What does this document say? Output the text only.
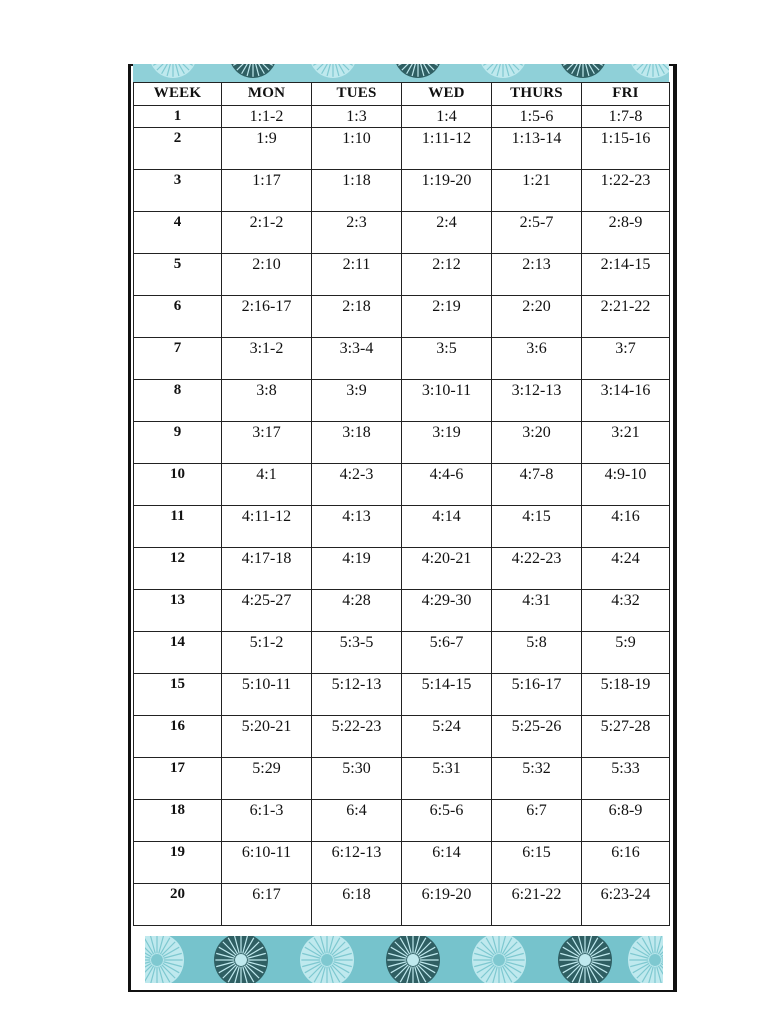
WEEK	MON	TUES	WED	THURS	FRI
1	1:1-2	1:3	1:4	1:5-6	1:7-8
2	1:9	1:10	1:11-12	1:13-14	1:15-16
3	1:17	1:18	1:19-20	1:21	1:22-23
4	2:1-2	2:3	2:4	2:5-7	2:8-9
5	2:10	2:11	2:12	2:13	2:14-15
6	2:16-17	2:18	2:19	2:20	2:21-22
7	3:1-2	3:3-4	3:5	3:6	3:7
8	3:8	3:9	3:10-11	3:12-13	3:14-16
9	3:17	3:18	3:19	3:20	3:21
10	4:1	4:2-3	4:4-6	4:7-8	4:9-10
11	4:11-12	4:13	4:14	4:15	4:16
12	4:17-18	4:19	4:20-21	4:22-23	4:24
13	4:25-27	4:28	4:29-30	4:31	4:32
14	5:1-2	5:3-5	5:6-7	5:8	5:9
15	5:10-11	5:12-13	5:14-15	5:16-17	5:18-19
16	5:20-21	5:22-23	5:24	5:25-26	5:27-28
17	5:29	5:30	5:31	5:32	5:33
18	6:1-3	6:4	6:5-6	6:7	6:8-9
19	6:10-11	6:12-13	6:14	6:15	6:16
20	6:17	6:18	6:19-20	6:21-22	6:23-24
